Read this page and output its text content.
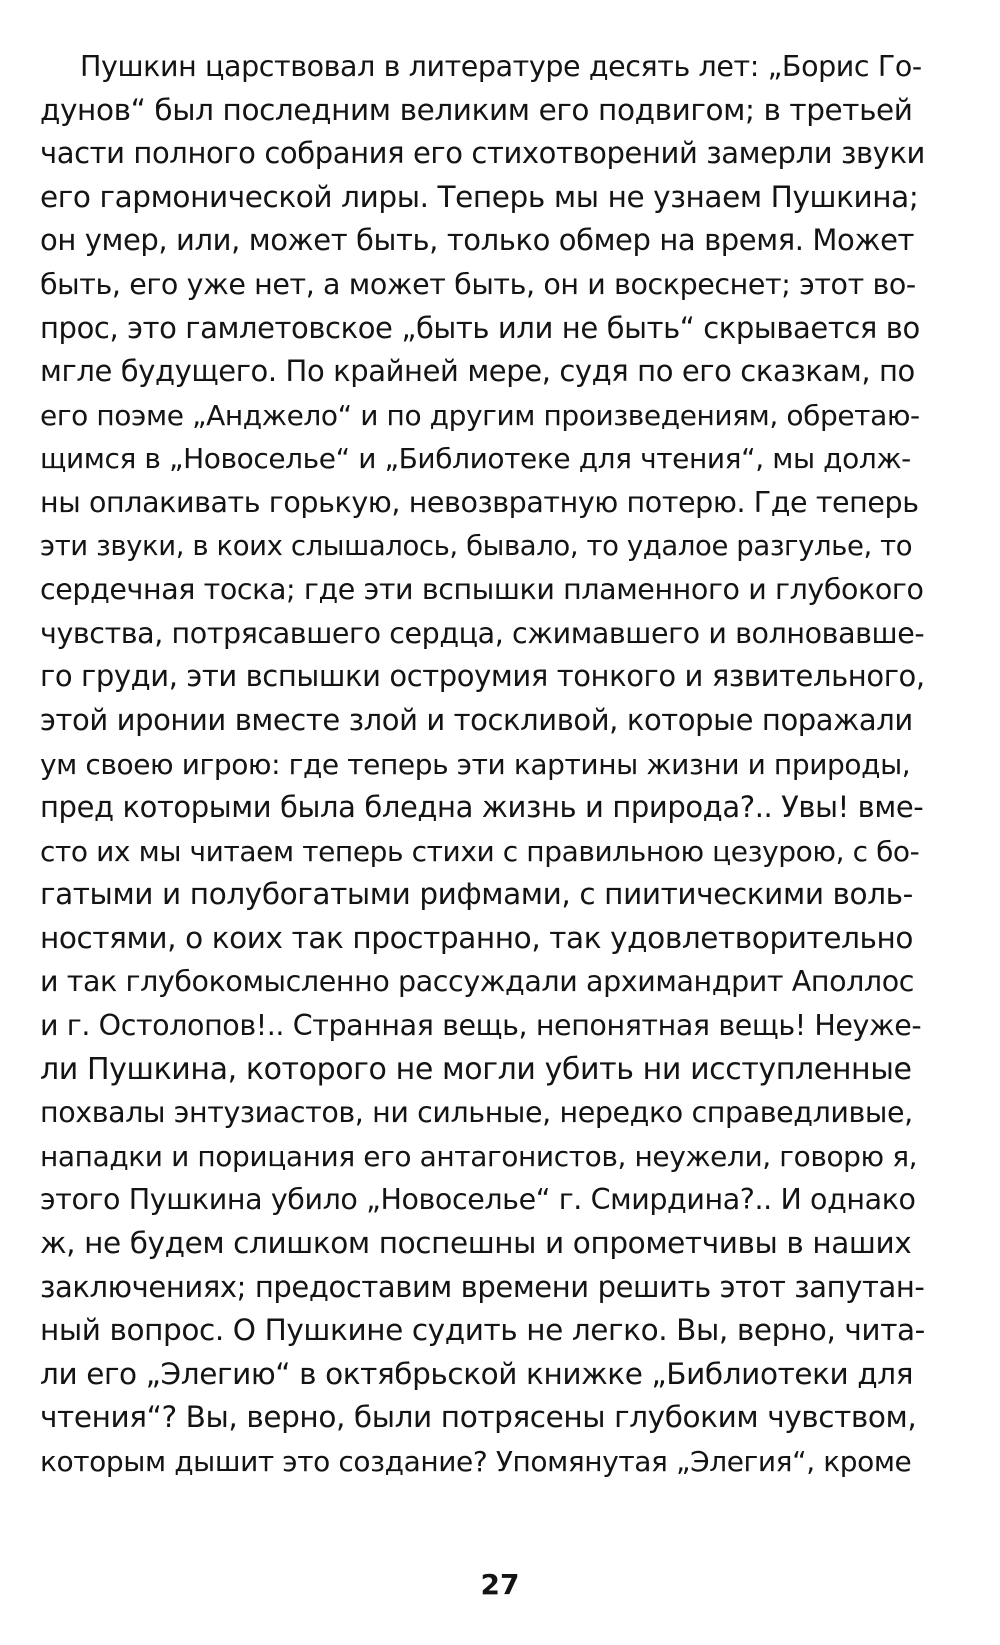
Пушкин царствовал в литературе десять лет: „Борис Го-
дунов“ был последним великим его подвигом; в третьей
части полного собрания его стихотворений замерли звуки
его гармонической лиры. Теперь мы не узнаем Пушкина;
он умер, или, может быть, только обмер на время. Может
быть, его уже нет, а может быть, он и воскреснет; этот во-
прос, это гамлетовское „быть или не быть“ скрывается во
мгле будущего. По крайней мере, судя по его сказкам, по
его поэме „Анджело“ и по другим произведениям, обретаю-
щимся в „Новоселье“ и „Библиотеке для чтения“, мы долж-
ны оплакивать горькую, невозвратную потерю. Где теперь
эти звуки, в коих слышалось, бывало, то удалое разгулье, то
сердечная тоска; где эти вспышки пламенного и глубокого
чувства, потрясавшего сердца, сжимавшего и волновавше-
го груди, эти вспышки остроумия тонкого и язвительного,
этой иронии вместе злой и тоскливой, которые поражали
ум своею игрою: где теперь эти картины жизни и природы,
пред которыми была бледна жизнь и природа?.. Увы! вме-
сто их мы читаем теперь стихи с правильною цезурою, с бо-
гатыми и полубогатыми рифмами, с пиитическими воль-
ностями, о коих так пространно, так удовлетворительно
и так глубокомысленно рассуждали архимандрит Аполлос
и г. Остолопов!.. Странная вещь, непонятная вещь! Неуже-
ли Пушкина, которого не могли убить ни исступленные
похвалы энтузиастов, ни сильные, нередко справедливые,
нападки и порицания его антагонистов, неужели, говорю я,
этого Пушкина убило „Новоселье“ г. Смирдина?.. И однако
ж, не будем слишком поспешны и опрометчивы в наших
заключениях; предоставим времени решить этот запутан-
ный вопрос. О Пушкине судить не легко. Вы, верно, чита-
ли его „Элегию“ в октябрьской книжке „Библиотеки для
чтения“? Вы, верно, были потрясены глубоким чувством,
которым дышит это создание? Упомянутая „Элегия“, кроме
27
